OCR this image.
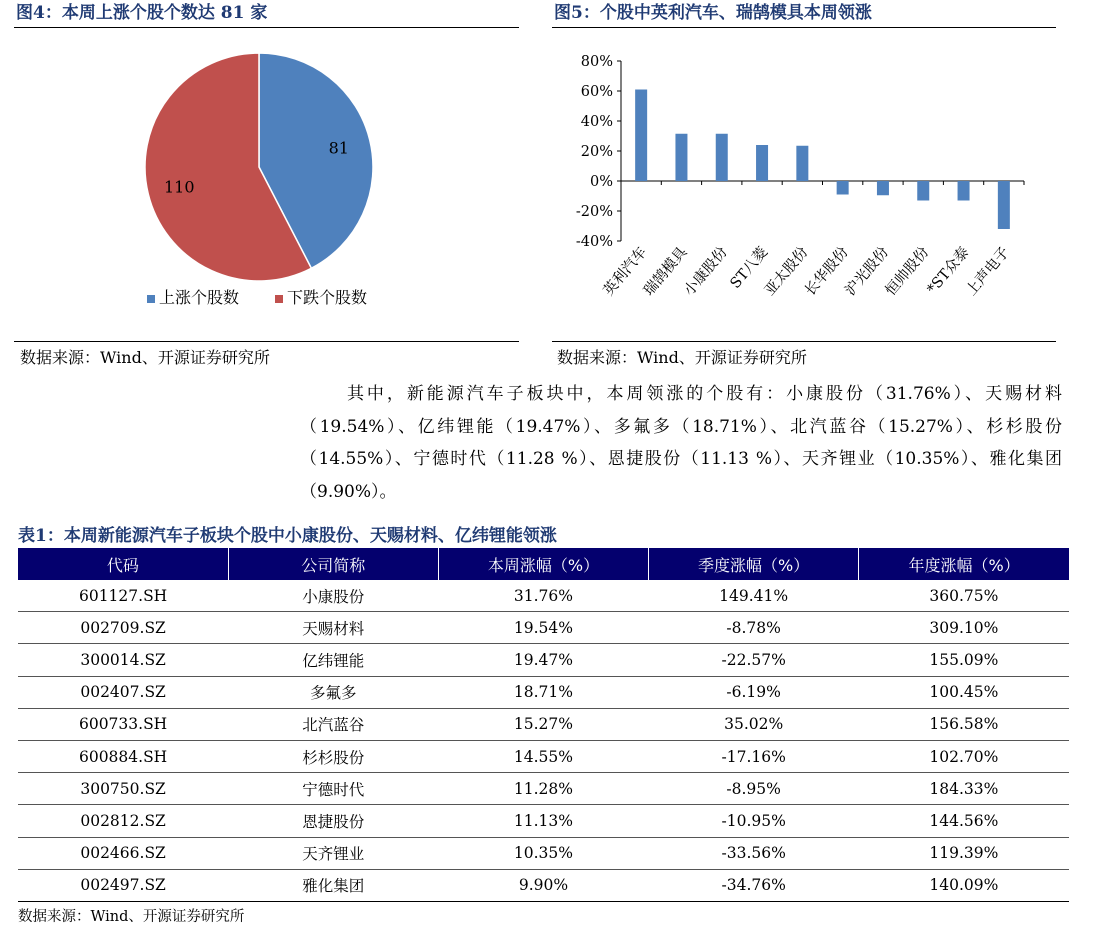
图4：本周上涨个股个数达 81 家
81
110
上涨个股数	下跌个股数
数据来源：Wind、开源证券研究所
图5：个股中英利汽车、瑞鹄模具本周领涨
80%
60%
40%
20%
0%
-20%
-40%
英利汽车
瑞鹄模具
小康股份
ST八菱
亚太股份
长华股份
沪光股份
恒帅股份
*ST众泰
上声电子
数据来源：Wind、开源证券研究所
其中，新能源汽车子板块中，本周领涨的个股有：小康股份（31.76%）、天赐材料（19.54%）、亿纬锂能（19.47%）、多氟多（18.71%）、北汽蓝谷（15.27%）、杉杉股份（14.55%）、宁德时代（11.28 %）、恩捷股份（11.13 %）、天齐锂业（10.35%）、雅化集团（9.90%）。
表1：本周新能源汽车子板块个股中小康股份、天赐材料、亿纬锂能领涨
代码	公司简称	本周涨幅（%）	季度涨幅（%）	年度涨幅（%）
601127.SH	小康股份	31.76%	149.41%	360.75%
002709.SZ	天赐材料	19.54%	-8.78%	309.10%
300014.SZ	亿纬锂能	19.47%	-22.57%	155.09%
002407.SZ	多氟多	18.71%	-6.19%	100.45%
600733.SH	北汽蓝谷	15.27%	35.02%	156.58%
600884.SH	杉杉股份	14.55%	-17.16%	102.70%
300750.SZ	宁德时代	11.28%	-8.95%	184.33%
002812.SZ	恩捷股份	11.13%	-10.95%	144.56%
002466.SZ	天齐锂业	10.35%	-33.56%	119.39%
002497.SZ	雅化集团	9.90%	-34.76%	140.09%
数据来源：Wind、开源证券研究所
